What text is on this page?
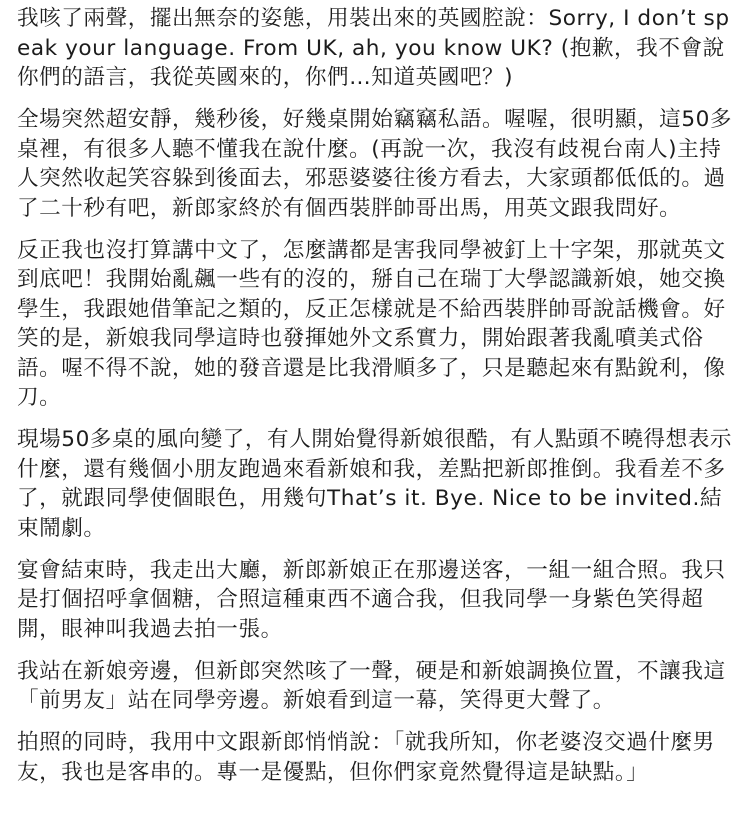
我咳了兩聲，擺出無奈的姿態，用裝出來的英國腔說：Sorry, I don’t speak your language. From UK, ah, you know UK? (抱歉，我不會說你們的語言，我從英國來的，你們…知道英國吧？)

全場突然超安靜，幾秒後，好幾桌開始竊竊私語。喔喔，很明顯，這50多桌裡，有很多人聽不懂我在說什麼。(再說一次，我沒有歧視台南人)主持人突然收起笑容躲到後面去，邪惡婆婆往後方看去，大家頭都低低的。過了二十秒有吧，新郎家終於有個西裝胖帥哥出馬，用英文跟我問好。

反正我也沒打算講中文了，怎麼講都是害我同學被釘上十字架，那就英文到底吧！我開始亂飆一些有的沒的，掰自己在瑞丁大學認識新娘，她交換學生，我跟她借筆記之類的，反正怎樣就是不給西裝胖帥哥說話機會。好笑的是，新娘我同學這時也發揮她外文系實力，開始跟著我亂噴美式俗語。喔不得不說，她的發音還是比我滑順多了，只是聽起來有點銳利，像刀。

現場50多桌的風向變了，有人開始覺得新娘很酷，有人點頭不曉得想表示什麼，還有幾個小朋友跑過來看新娘和我，差點把新郎推倒。我看差不多了，就跟同學使個眼色，用幾句That’s it. Bye. Nice to be invited.結束鬧劇。

宴會結束時，我走出大廳，新郎新娘正在那邊送客，一組一組合照。我只是打個招呼拿個糖，合照這種東西不適合我，但我同學一身紫色笑得超開，眼神叫我過去拍一張。

我站在新娘旁邊，但新郎突然咳了一聲，硬是和新娘調換位置，不讓我這「前男友」站在同學旁邊。新娘看到這一幕，笑得更大聲了。

拍照的同時，我用中文跟新郎悄悄說：「就我所知，你老婆沒交過什麼男友，我也是客串的。專一是優點，但你們家竟然覺得這是缺點。」
